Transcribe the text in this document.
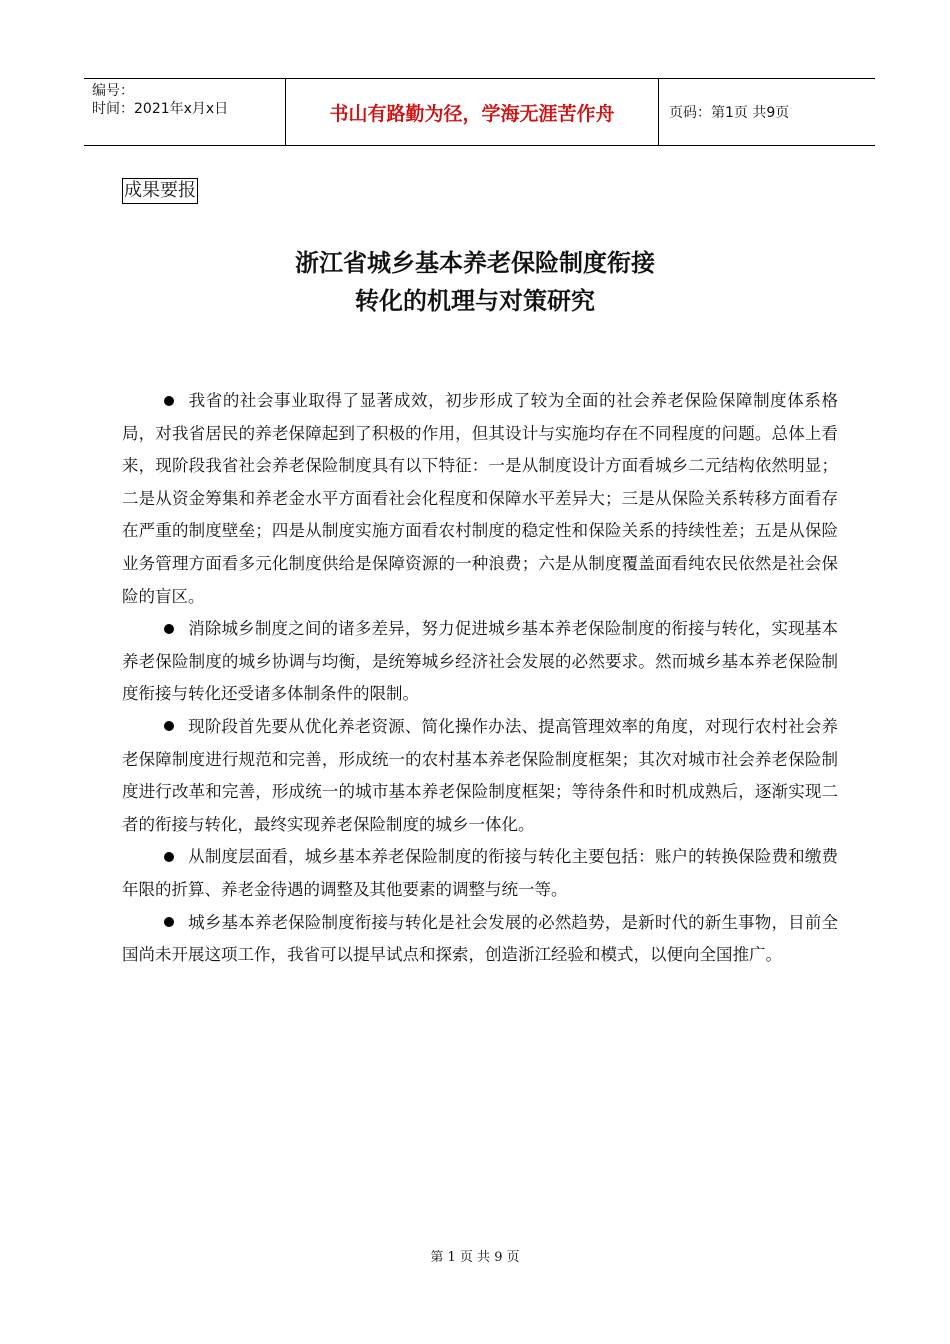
编号：
时间：2021年x月x日	书山有路勤为径，学海无涯苦作舟	页码：第1页 共9页
成果要报
浙江省城乡基本养老保险制度衔接
转化的机理与对策研究

我省的社会事业取得了显著成效，初步形成了较为全面的社会养老保险保障制度体系格局，对我省居民的养老保障起到了积极的作用，但其设计与实施均存在不同程度的问题。总体上看来，现阶段我省社会养老保险制度具有以下特征：一是从制度设计方面看城乡二元结构依然明显；二是从资金筹集和养老金水平方面看社会化程度和保障水平差异大；三是从保险关系转移方面看存在严重的制度壁垒；四是从制度实施方面看农村制度的稳定性和保险关系的持续性差；五是从保险业务管理方面看多元化制度供给是保障资源的一种浪费；六是从制度覆盖面看纯农民依然是社会保险的盲区。

消除城乡制度之间的诸多差异，努力促进城乡基本养老保险制度的衔接与转化，实现基本养老保险制度的城乡协调与均衡，是统筹城乡经济社会发展的必然要求。然而城乡基本养老保险制度衔接与转化还受诸多体制条件的限制。

现阶段首先要从优化养老资源、简化操作办法、提高管理效率的角度，对现行农村社会养老保障制度进行规范和完善，形成统一的农村基本养老保险制度框架；其次对城市社会养老保险制度进行改革和完善，形成统一的城市基本养老保险制度框架；等待条件和时机成熟后，逐渐实现二者的衔接与转化，最终实现养老保险制度的城乡一体化。

从制度层面看，城乡基本养老保险制度的衔接与转化主要包括：账户的转换保险费和缴费年限的折算、养老金待遇的调整及其他要素的调整与统一等。

城乡基本养老保险制度衔接与转化是社会发展的必然趋势，是新时代的新生事物，目前全国尚未开展这项工作，我省可以提早试点和探索，创造浙江经验和模式，以便向全国推广。

第 1 页 共 9 页
